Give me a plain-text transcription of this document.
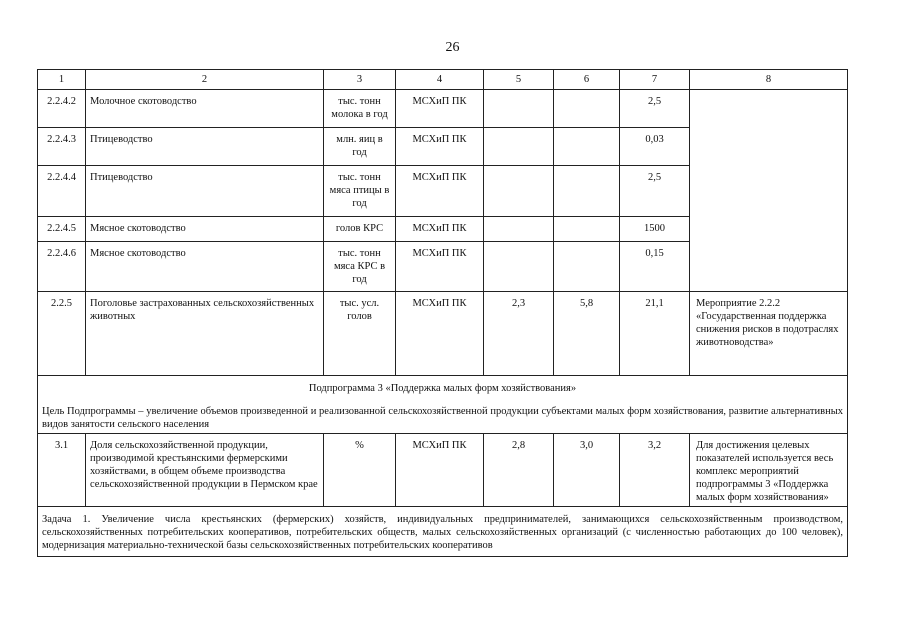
26
1	2	3	4	5	6	7	8
2.2.4.2	Молочное скотоводство	тыс. тонн молока в год	МСХиП ПК			2,5	
2.2.4.3	Птицеводство	млн. яиц в год	МСХиП ПК			0,03	
2.2.4.4	Птицеводство	тыс. тонн мяса птицы в год	МСХиП ПК			2,5	
2.2.4.5	Мясное скотоводство	голов КРС	МСХиП ПК			1500	
2.2.4.6	Мясное скотоводство	тыс. тонн мяса КРС в год	МСХиП ПК			0,15	
2.2.5	Поголовье застрахованных сельскохозяйственных животных	тыс. усл. голов	МСХиП ПК	2,3	5,8	21,1	Мероприятие 2.2.2 «Государственная поддержка снижения рисков в подотраслях животноводства»
Подпрограмма 3 «Поддержка малых форм хозяйствования»							
Цель Подпрограммы – увеличение объемов произведенной и реализованной сельскохозяйственной продукции субъектами малых форм хозяйствования, развитие альтернативных видов занятости сельского населения							
3.1	Доля сельскохозяйственной продукции, производимой крестьянскими фермерскими хозяйствами, в общем объеме производства сельскохозяйственной продукции в Пермском крае	%	МСХиП ПК	2,8	3,0	3,2	Для достижения целевых показателей используется весь комплекс мероприятий подпрограммы 3 «Поддержка малых форм хозяйствования»
Задача 1. Увеличение числа крестьянских (фермерских) хозяйств, индивидуальных предпринимателей, занимающихся сельскохозяйственным производством, сельскохозяйственных потребительских кооперативов, потребительских обществ, малых сельскохозяйственных организаций (с численностью работающих до 100 человек), модернизация материально-технической базы сельскохозяйственных потребительских кооперативов							
